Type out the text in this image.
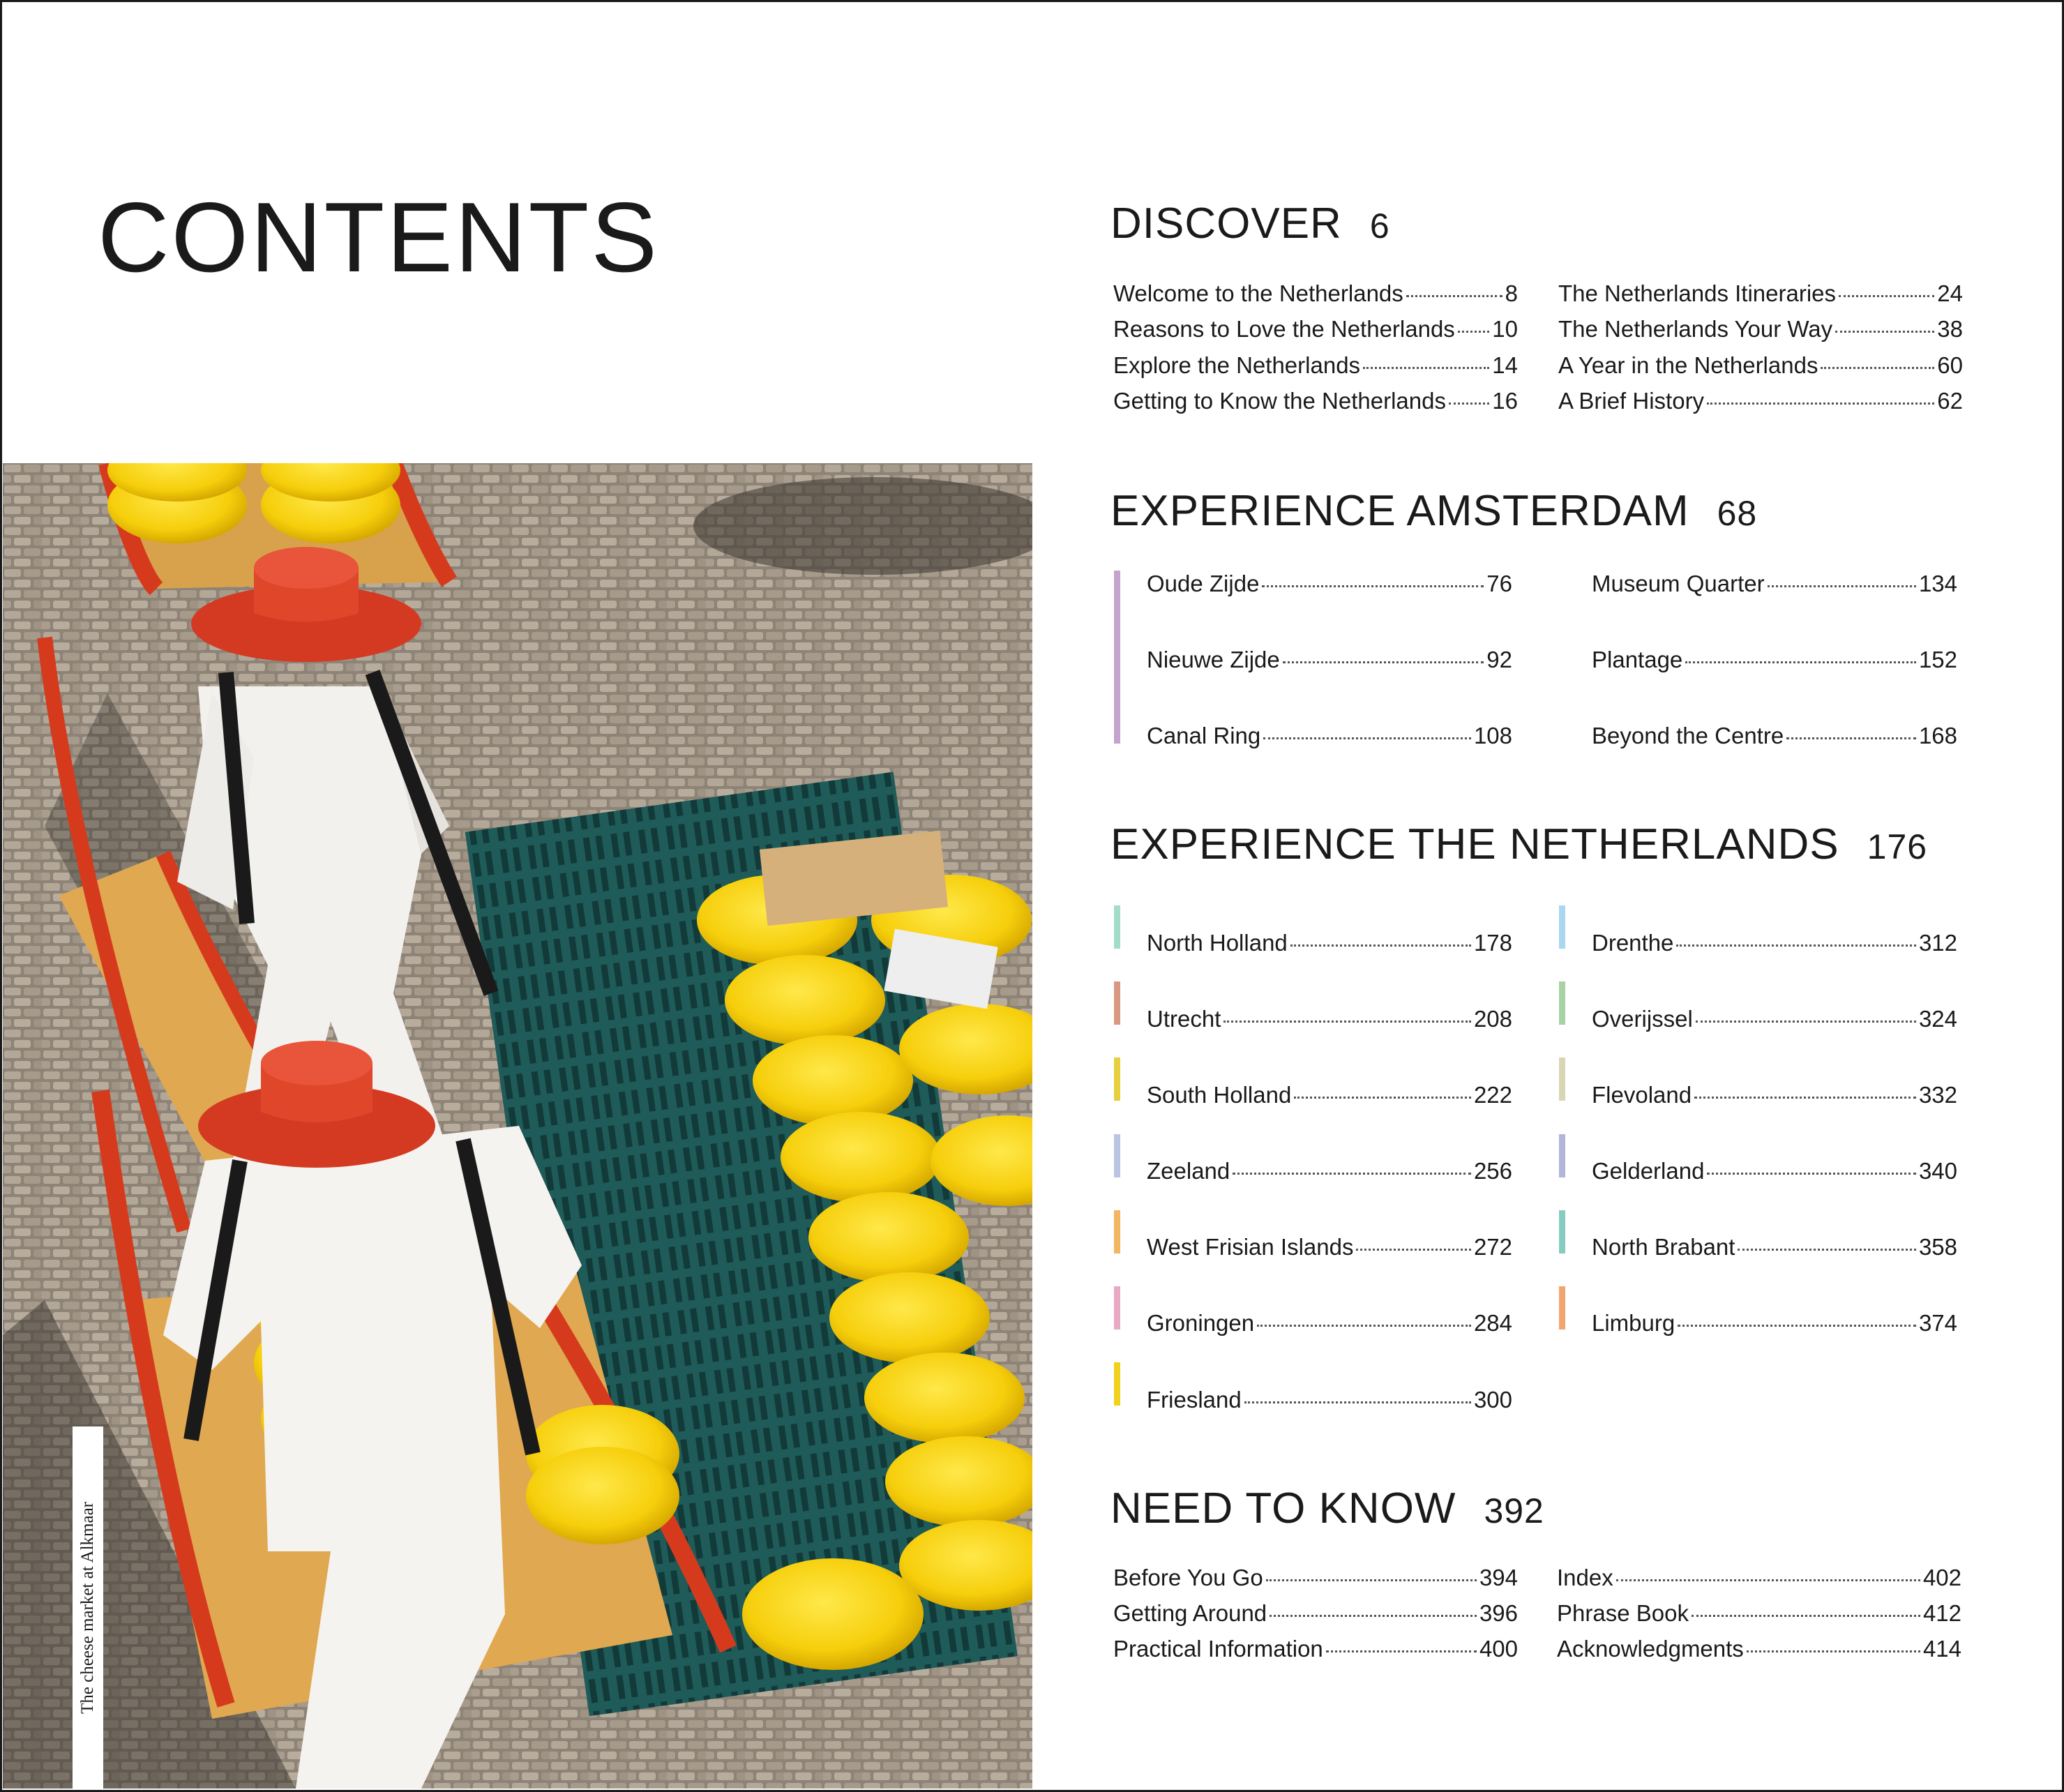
CONTENTS
The cheese market at Alkmaar
DISCOVER 6
Welcome to the Netherlands	8
Reasons to Love the Netherlands 10
Explore the Netherlands	14
Getting to Know the Netherlands 16
The Netherlands Itineraries	24
The Netherlands Your Way	38
A Year in the Netherlands	60
A Brief History	62
EXPERIENCE AMSTERDAM 68
Oude Zijde	76
Nieuwe Zijde	92
Canal Ring	108
Museum Quarter	134
Plantage	152
Beyond the Centre	168
EXPERIENCE THE NETHERLANDS 176
North Holland	178
Utrecht	208
South Holland	222
Zeeland	256
West Frisian Islands	272
Groningen	284
Friesland	300
Drenthe	312
Overijssel	324
Flevoland	332
Gelderland	340
North Brabant	358
Limburg	374
NEED TO KNOW 392
Before You Go	394
Getting Around	396
Practical Information	400
Index	402
Phrase Book	412
Acknowledgments	414
